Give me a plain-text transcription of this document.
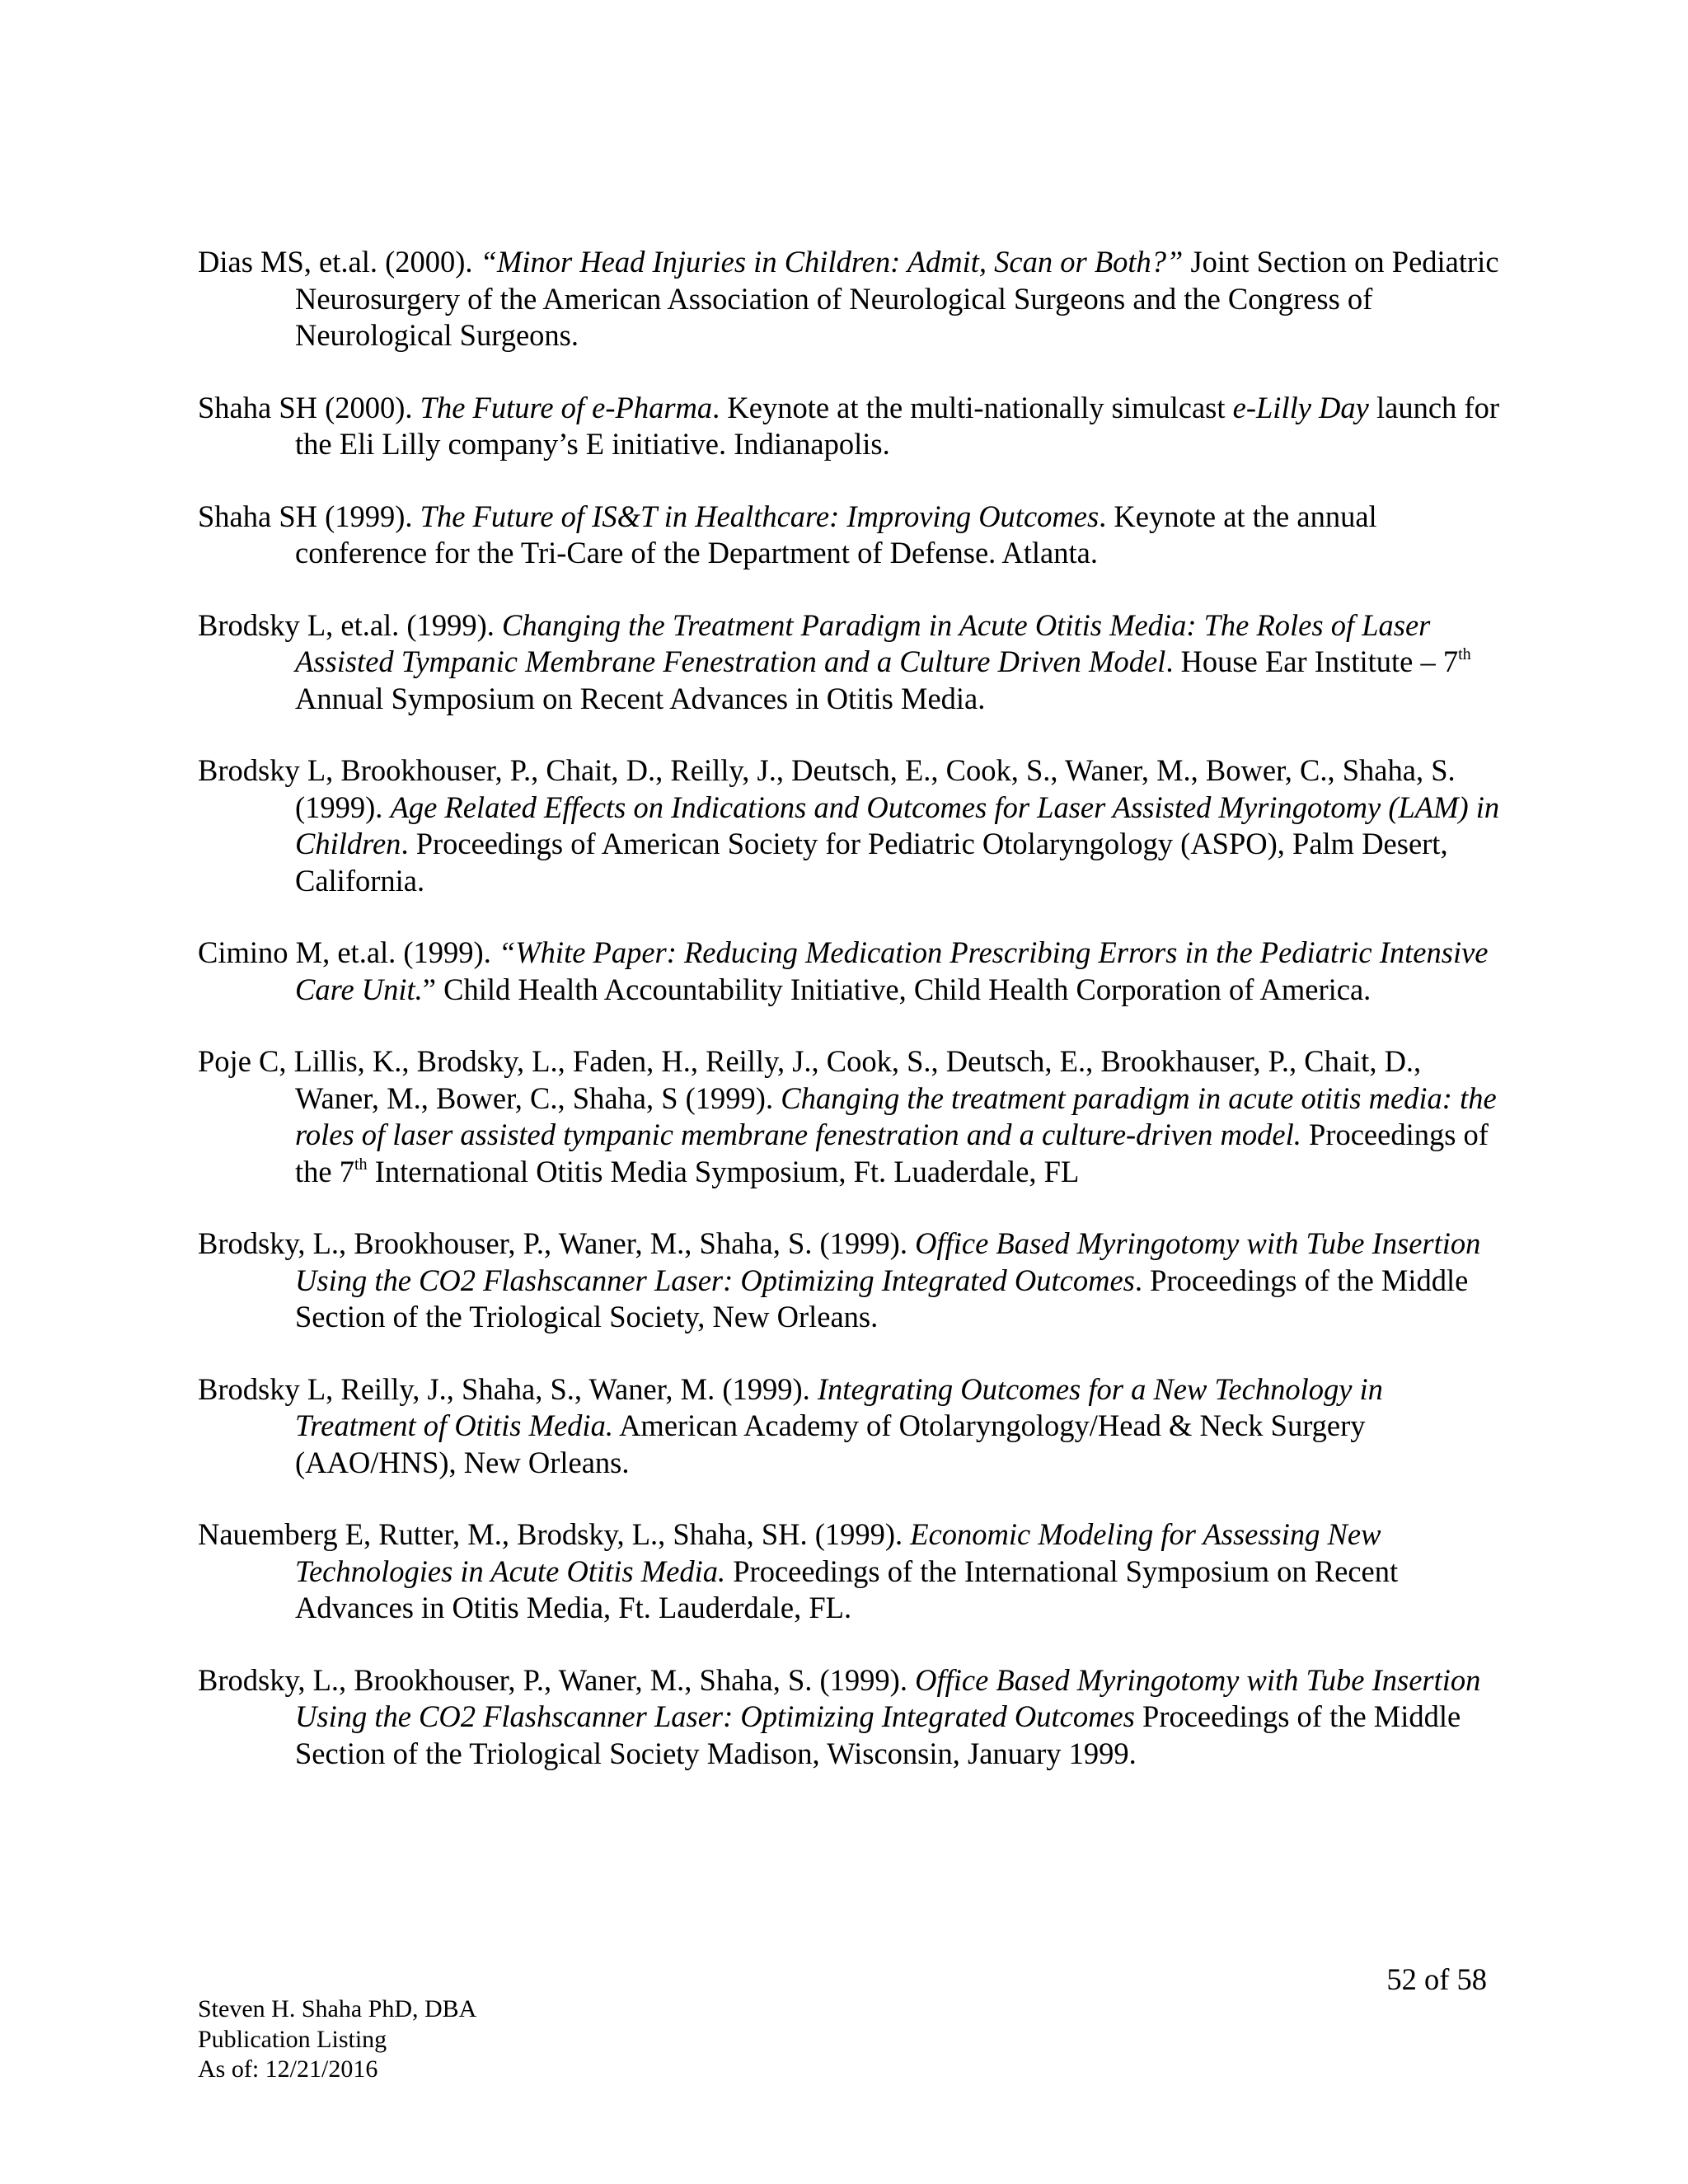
Dias MS, et.al. (2000). “Minor Head Injuries in Children: Admit, Scan or Both?” Joint Section on Pediatric Neurosurgery of the American Association of Neurological Surgeons and the Congress of Neurological Surgeons.

Shaha SH (2000). The Future of e-Pharma. Keynote at the multi-nationally simulcast e-Lilly Day launch for the Eli Lilly company’s E initiative. Indianapolis.

Shaha SH (1999). The Future of IS&T in Healthcare: Improving Outcomes. Keynote at the annual conference for the Tri-Care of the Department of Defense. Atlanta.

Brodsky L, et.al. (1999). Changing the Treatment Paradigm in Acute Otitis Media: The Roles of Laser Assisted Tympanic Membrane Fenestration and a Culture Driven Model. House Ear Institute – 7th Annual Symposium on Recent Advances in Otitis Media.

Brodsky L, Brookhouser, P., Chait, D., Reilly, J., Deutsch, E., Cook, S., Waner, M., Bower, C., Shaha, S. (1999). Age Related Effects on Indications and Outcomes for Laser Assisted Myringotomy (LAM) in Children. Proceedings of American Society for Pediatric Otolaryngology (ASPO), Palm Desert, California.

Cimino M, et.al. (1999). “White Paper: Reducing Medication Prescribing Errors in the Pediatric Intensive Care Unit.” Child Health Accountability Initiative, Child Health Corporation of America.

Poje C, Lillis, K., Brodsky, L., Faden, H., Reilly, J., Cook, S., Deutsch, E., Brookhauser, P., Chait, D., Waner, M., Bower, C., Shaha, S (1999). Changing the treatment paradigm in acute otitis media: the roles of laser assisted tympanic membrane fenestration and a culture-driven model. Proceedings of the 7th International Otitis Media Symposium, Ft. Luaderdale, FL

Brodsky, L., Brookhouser, P., Waner, M., Shaha, S. (1999). Office Based Myringotomy with Tube Insertion Using the CO2 Flashscanner Laser: Optimizing Integrated Outcomes. Proceedings of the Middle Section of the Triological Society, New Orleans.

Brodsky L, Reilly, J., Shaha, S., Waner, M. (1999). Integrating Outcomes for a New Technology in Treatment of Otitis Media. American Academy of Otolaryngology/Head & Neck Surgery (AAO/HNS), New Orleans.

Nauemberg E, Rutter, M., Brodsky, L., Shaha, SH. (1999). Economic Modeling for Assessing New Technologies in Acute Otitis Media. Proceedings of the International Symposium on Recent Advances in Otitis Media, Ft. Lauderdale, FL.

Brodsky, L., Brookhouser, P., Waner, M., Shaha, S. (1999). Office Based Myringotomy with Tube Insertion Using the CO2 Flashscanner Laser: Optimizing Integrated Outcomes Proceedings of the Middle Section of the Triological Society Madison, Wisconsin, January 1999.

52 of 58
Steven H. Shaha PhD, DBA
Publication Listing
As of: 12/21/2016
